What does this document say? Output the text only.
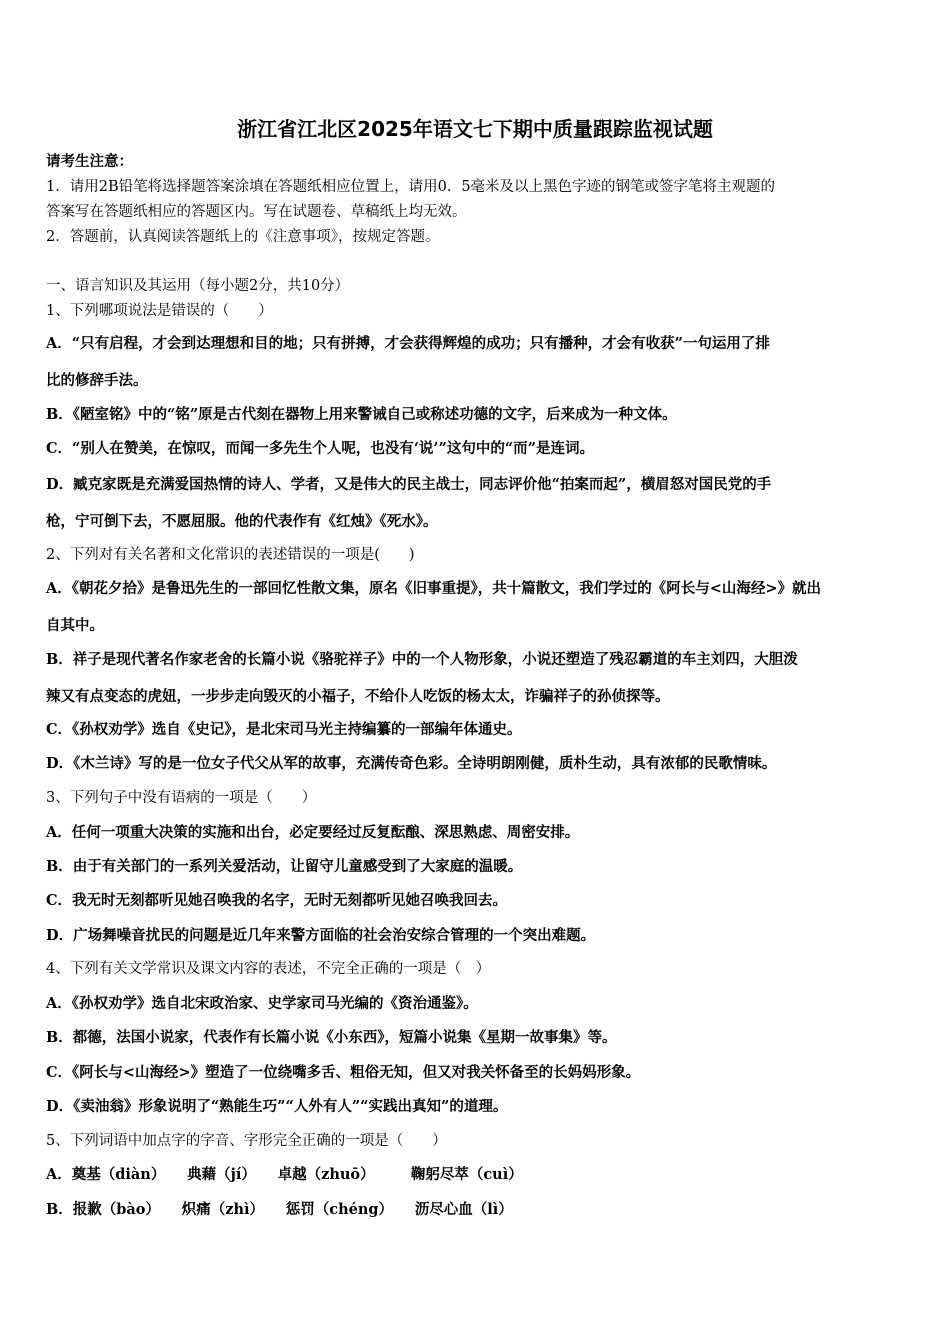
浙江省江北区2025年语文七下期中质量跟踪监视试题
请考生注意：
1．请用2B铅笔将选择题答案涂填在答题纸相应位置上，请用0．5毫米及以上黑色字迹的钢笔或签字笔将主观题的
答案写在答题纸相应的答题区内。写在试题卷、草稿纸上均无效。
2．答题前，认真阅读答题纸上的《注意事项》，按规定答题。
一、语言知识及其运用（每小题2分，共10分）
1、下列哪项说法是错误的（　　）
A．“只有启程，才会到达理想和目的地；只有拼搏，才会获得辉煌的成功；只有播种，才会有收获”一句运用了排
比的修辞手法。
B．《陋室铭》中的“铭”原是古代刻在器物上用来警诫自己或称述功德的文字，后来成为一种文体。
C．“别人在赞美，在惊叹，而闻一多先生个人呢，也没有‘说’”这句中的“而”是连词。
D．臧克家既是充满爱国热情的诗人、学者，又是伟大的民主战士，同志评价他“拍案而起”，横眉怒对国民党的手
枪，宁可倒下去，不愿屈服。他的代表作有《红烛》《死水》。
2、下列对有关名著和文化常识的表述错误的一项是(　　)
A．《朝花夕拾》是鲁迅先生的一部回忆性散文集，原名《旧事重提》，共十篇散文，我们学过的《阿长与<山海经>》就出
自其中。
B．祥子是现代著名作家老舍的长篇小说《骆驼祥子》中的一个人物形象，小说还塑造了残忍霸道的车主刘四，大胆泼
辣又有点变态的虎妞，一步步走向毁灭的小福子，不给仆人吃饭的杨太太，诈骗祥子的孙侦探等。
C．《孙权劝学》选自《史记》，是北宋司马光主持编纂的一部编年体通史。
D．《木兰诗》写的是一位女子代父从军的故事，充满传奇色彩。全诗明朗刚健，质朴生动，具有浓郁的民歌情味。
3、下列句子中没有语病的一项是（　　）
A．任何一项重大决策的实施和出台，必定要经过反复酝酿、深思熟虑、周密安排。
B．由于有关部门的一系列关爱活动，让留守儿童感受到了大家庭的温暖。
C．我无时无刻都听见她召唤我的名字，无时无刻都听见她召唤我回去。
D．广场舞噪音扰民的问题是近几年来警方面临的社会治安综合管理的一个突出难题。
4、下列有关文学常识及课文内容的表述，不完全正确的一项是（　）
A．《孙权劝学》选自北宋政治家、史学家司马光编的《资治通鉴》。
B．都德，法国小说家，代表作有长篇小说《小东西》，短篇小说集《星期一故事集》等。
C．《阿长与<山海经>》塑造了一位绕嘴多舌、粗俗无知，但又对我关怀备至的长妈妈形象。
D．《卖油翁》形象说明了“熟能生巧”“人外有人”“实践出真知”的道理。
5、下列词语中加点字的字音、字形完全正确的一项是（　　）
A．奠基（diàn）　　典藉（jí）　　卓越（zhuō）　　　鞠躬尽萃（cuì）
B．报歉（bào）　　炽痛（zhì）　　惩罚（chéng）　　沥尽心血（lì）
